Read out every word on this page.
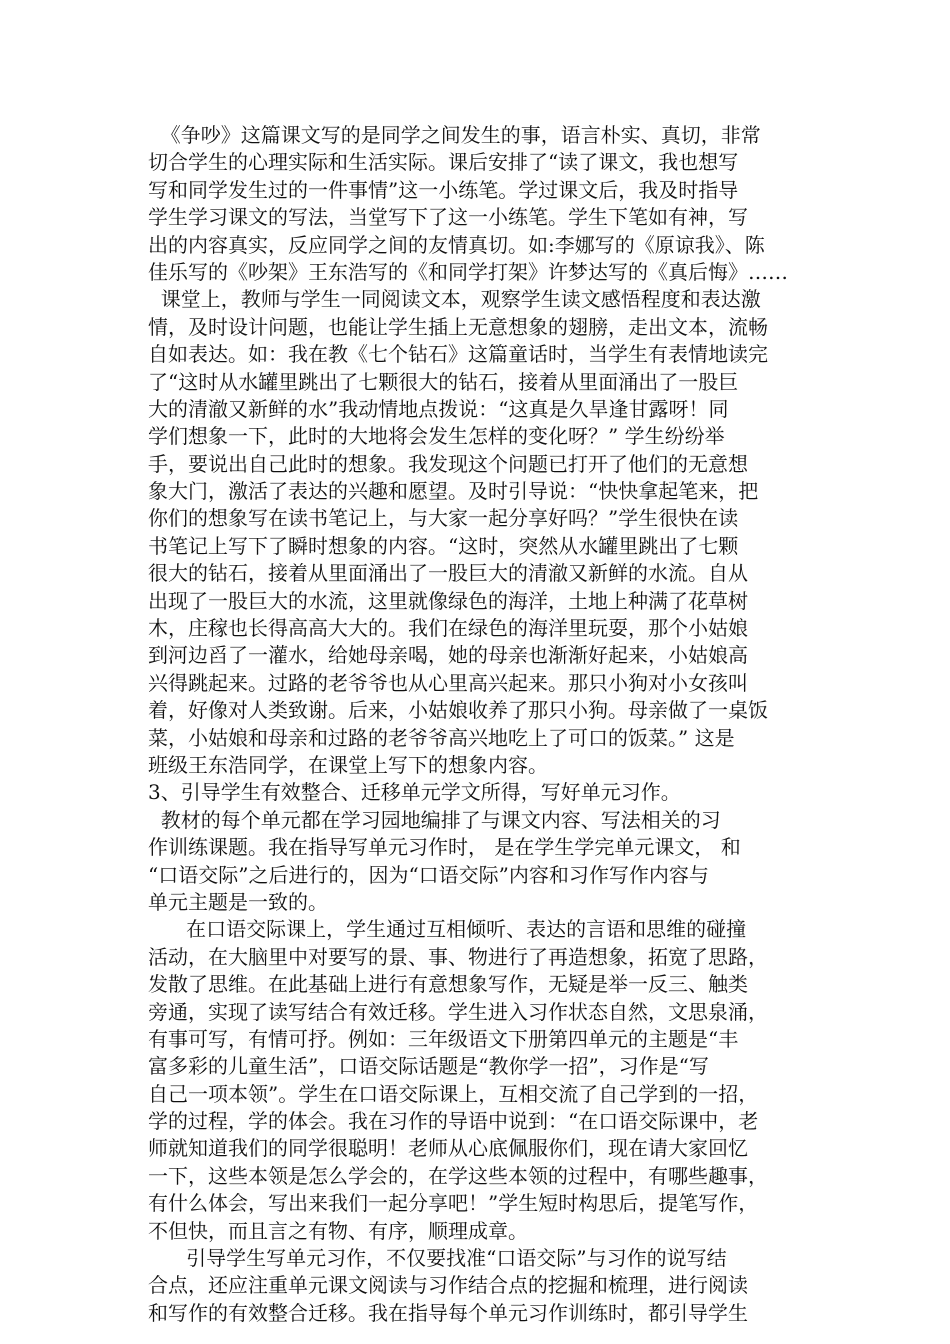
《争吵》这篇课文写的是同学之间发生的事，语言朴实、真切，非常
切合学生的心理实际和生活实际。课后安排了“读了课文，我也想写
写和同学发生过的一件事情”这一小练笔。学过课文后，我及时指导
学生学习课文的写法，当堂写下了这一小练笔。学生下笔如有神，写
出的内容真实，反应同学之间的友情真切。如:李娜写的《原谅我》、陈
佳乐写的《吵架》王东浩写的《和同学打架》许梦达写的《真后悔》……
课堂上，教师与学生一同阅读文本，观察学生读文感悟程度和表达激
情，及时设计问题，也能让学生插上无意想象的翅膀，走出文本，流畅
自如表达。如：我在教《七个钻石》这篇童话时，当学生有表情地读完
了“这时从水罐里跳出了七颗很大的钻石，接着从里面涌出了一股巨
大的清澈又新鲜的水”我动情地点拨说：“这真是久旱逢甘露呀！同
学们想象一下，此时的大地将会发生怎样的变化呀？” 学生纷纷举
手，要说出自己此时的想象。我发现这个问题已打开了他们的无意想
象大门，激活了表达的兴趣和愿望。及时引导说：“快快拿起笔来，把
你们的想象写在读书笔记上，与大家一起分享好吗？”学生很快在读
书笔记上写下了瞬时想象的内容。“这时，突然从水罐里跳出了七颗
很大的钻石，接着从里面涌出了一股巨大的清澈又新鲜的水流。自从
出现了一股巨大的水流，这里就像绿色的海洋，土地上种满了花草树
木，庄稼也长得高高大大的。我们在绿色的海洋里玩耍，那个小姑娘
到河边舀了一灌水，给她母亲喝，她的母亲也渐渐好起来，小姑娘高
兴得跳起来。过路的老爷爷也从心里高兴起来。那只小狗对小女孩叫
着，好像对人类致谢。后来，小姑娘收养了那只小狗。母亲做了一桌饭
菜，小姑娘和母亲和过路的老爷爷高兴地吃上了可口的饭菜。” 这是
班级王东浩同学，在课堂上写下的想象内容。
3、引导学生有效整合、迁移单元学文所得，写好单元习作。
教材的每个单元都在学习园地编排了与课文内容、写法相关的习
作训练课题。我在指导写单元习作时， 是在学生学完单元课文， 和
“口语交际”之后进行的，因为“口语交际”内容和习作写作内容与
单元主题是一致的。
在口语交际课上，学生通过互相倾听、表达的言语和思维的碰撞
活动，在大脑里中对要写的景、事、物进行了再造想象，拓宽了思路，
发散了思维。在此基础上进行有意想象写作，无疑是举一反三、触类
旁通，实现了读写结合有效迁移。学生进入习作状态自然，文思泉涌，
有事可写，有情可抒。例如：三年级语文下册第四单元的主题是“丰
富多彩的儿童生活”，口语交际话题是“教你学一招”，习作是“写
自己一项本领”。学生在口语交际课上，互相交流了自己学到的一招，
学的过程，学的体会。我在习作的导语中说到：“在口语交际课中，老
师就知道我们的同学很聪明！老师从心底佩服你们，现在请大家回忆
一下，这些本领是怎么学会的，在学这些本领的过程中，有哪些趣事，
有什么体会，写出来我们一起分享吧！”学生短时构思后，提笔写作，
不但快，而且言之有物、有序，顺理成章。
引导学生写单元习作，不仅要找准“口语交际”与习作的说写结
合点，还应注重单元课文阅读与习作结合点的挖掘和梳理，进行阅读
和写作的有效整合迁移。我在指导每个单元习作训练时，都引导学生
